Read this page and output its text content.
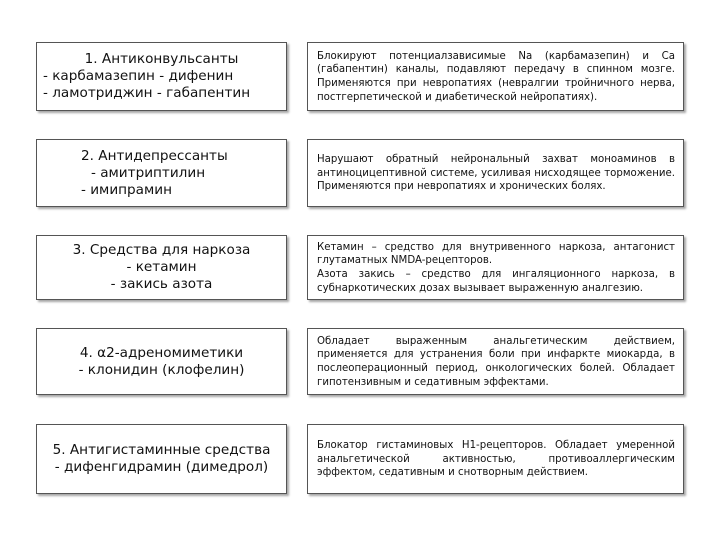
1. Антиконвульсанты
- карбамазепин - дифенин
- ламотриджин - габапентин

Блокируют потенциалзависимые Na (карбамазепин) и Ca (габапентин) каналы, подавляют передачу в спинном мозге. Применяются при невропатиях (невралгии тройничного нерва, постгерпетической и диабетической нейропатиях).

2. Антидепрессанты
- амитриптилин
- имипрамин

Нарушают обратный нейрональный захват моноаминов в антиноцицептивной системе, усиливая нисходящее торможение. Применяются при невропатиях и хронических болях.

3. Средства для наркоза
- кетамин
- закись азота

Кетамин – средство для внутривенного наркоза, антагонист глутаматных NMDA-рецепторов.

Азота закись – средство для ингаляционного наркоза, в субнаркотических дозах вызывает выраженную аналгезию.

4. α2-адреномиметики
- клонидин (клофелин)

Обладает выраженным анальгетическим действием, применяется для устранения боли при инфаркте миокарда, в послеоперационный период, онкологических болей. Обладает гипотензивным и седативным эффектами.

5. Антигистаминные средства
- дифенгидрамин (димедрол)

Блокатор гистаминовых H1-рецепторов. Обладает умеренной анальгетической активностью, противоаллергическим эффектом, седативным и снотворным действием.
